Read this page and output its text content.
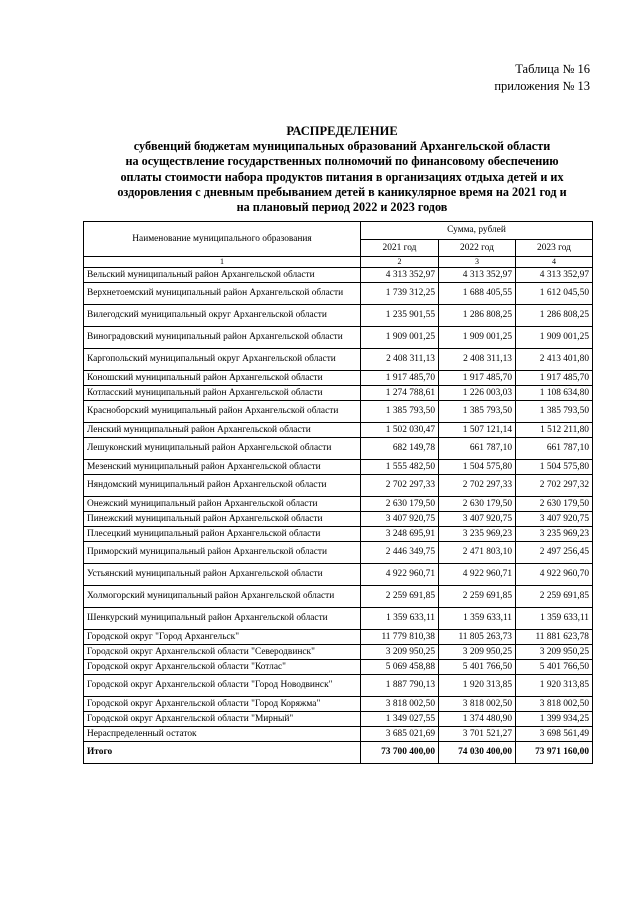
Таблица № 16
приложения № 13
РАСПРЕДЕЛЕНИЕ
субвенций бюджетам муниципальных образований Архангельской области
на осуществление государственных полномочий по финансовому обеспечению
оплаты стоимости набора продуктов питания в организациях отдыха детей и их
оздоровления с дневным пребыванием детей в каникулярное время на 2021 год и
на плановый период 2022 и 2023 годов
Наименование муниципального образования	Сумма, рублей		
	2021 год	2022 год	2023 год
1	2	3	4
Вельский муниципальный район Архангельской области	4 313 352,97	4 313 352,97	4 313 352,97
Верхнетоемский муниципальный район Архангельской области	1 739 312,25	1 688 405,55	1 612 045,50
Вилегодский муниципальный округ Архангельской области	1 235 901,55	1 286 808,25	1 286 808,25
Виноградовский муниципальный район Архангельской области	1 909 001,25	1 909 001,25	1 909 001,25
Каргопольский муниципальный округ Архангельской области	2 408 311,13	2 408 311,13	2 413 401,80
Коношский муниципальный район Архангельской области	1 917 485,70	1 917 485,70	1 917 485,70
Котласский муниципальный район Архангельской области	1 274 788,61	1 226 003,03	1 108 634,80
Красноборский муниципальный район Архангельской области	1 385 793,50	1 385 793,50	1 385 793,50
Ленский муниципальный район Архангельской области	1 502 030,47	1 507 121,14	1 512 211,80
Лешуконский муниципальный район Архангельской области	682 149,78	661 787,10	661 787,10
Мезенский муниципальный район Архангельской области	1 555 482,50	1 504 575,80	1 504 575,80
Няндомский муниципальный район Архангельской области	2 702 297,33	2 702 297,33	2 702 297,32
Онежский муниципальный район Архангельской области	2 630 179,50	2 630 179,50	2 630 179,50
Пинежский муниципальный район Архангельской области	3 407 920,75	3 407 920,75	3 407 920,75
Плесецкий муниципальный район Архангельской области	3 248 695,91	3 235 969,23	3 235 969,23
Приморский муниципальный район Архангельской области	2 446 349,75	2 471 803,10	2 497 256,45
Устьянский муниципальный район Архангельской области	4 922 960,71	4 922 960,71	4 922 960,70
Холмогорский муниципальный район Архангельской области	2 259 691,85	2 259 691,85	2 259 691,85
Шенкурский муниципальный район Архангельской области	1 359 633,11	1 359 633,11	1 359 633,11
Городской округ "Город Архангельск"	11 779 810,38	11 805 263,73	11 881 623,78
Городской округ Архангельской области "Северодвинск"	3 209 950,25	3 209 950,25	3 209 950,25
Городской округ Архангельской области "Котлас"	5 069 458,88	5 401 766,50	5 401 766,50
Городской округ Архангельской области "Город Новодвинск"	1 887 790,13	1 920 313,85	1 920 313,85
Городской округ Архангельской области "Город Коряжма"	3 818 002,50	3 818 002,50	3 818 002,50
Городской округ Архангельской области "Мирный"	1 349 027,55	1 374 480,90	1 399 934,25
Нераспределенный остаток	3 685 021,69	3 701 521,27	3 698 561,49
Итого	73 700 400,00	74 030 400,00	73 971 160,00
